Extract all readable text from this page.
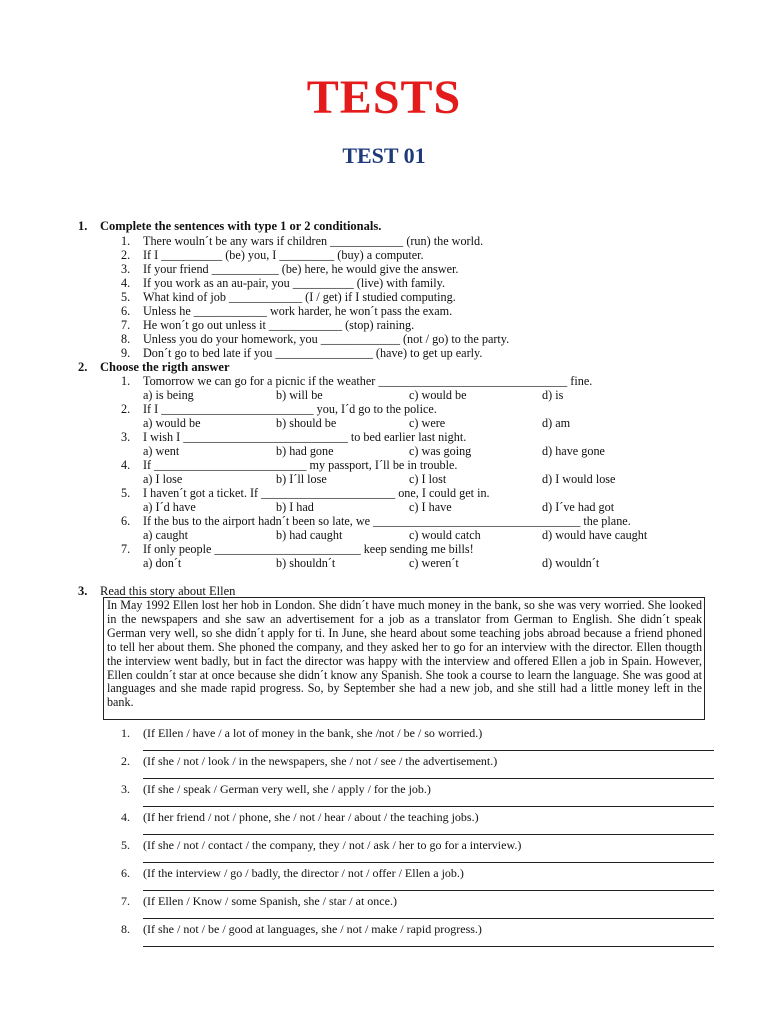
TESTS
TEST 01
1. Complete the sentences with type 1 or 2 conditionals.
1. There wouln´t be any wars if children ____________ (run) the world.
2. If I __________ (be) you, I _________ (buy) a computer.
3. If your friend ___________ (be) here, he would give the answer.
4. If you work as an au-pair, you __________ (live) with family.
5. What kind of job ____________ (I / get) if I studied computing.
6. Unless he ____________ work harder, he won´t pass the exam.
7. He won´t go out unless it ____________ (stop) raining.
8. Unless you do your homework, you _____________ (not / go) to the party.
9. Don´t go to bed late if you ________________ (have) to get up early.
2. Choose the rigth answer
1. Tomorrow we can go for a picnic if the weather _______________________________ fine.
a) is being	b) will be	c) would be	d) is
2. If I _________________________ you, I´d go to the police.
a) would be	b) should be	c) were	d) am
3. I wish I ___________________________ to bed earlier last night.
a) went	b) had gone	c) was going	d) have gone
4. If _________________________ my passport, I´ll be in trouble.
a) I lose	b) I´ll lose	c) I lost	d) I would lose
5. I haven´t got a ticket. If ______________________ one, I could get in.
a) I´d have	b) I had	c) I have	d) I´ve had got
6. If the bus to the airport hadn´t been so late, we __________________________________ the plane.
a) caught	b) had caught	c) would catch	d) would have caught
7. If only people ________________________ keep sending me bills!
a) don´t	b) shouldn´t	c) weren´t	d) wouldn´t
3. Read this story about Ellen
In May 1992 Ellen lost her hob in London. She didn´t have much money in the bank, so she was very worried. She looked in the newspapers and she saw an advertisement for a job as a translator from German to English. She didn´t speak German very well, so she didn´t apply for ti. In June, she heard about some teaching jobs abroad because a friend phoned to tell her about them. She phoned the company, and they asked her to go for an interview with the director. Ellen thougth the interview went badly, but in fact the director was happy with the interview and offered Ellen a job in Spain. However, Ellen couldn´t star at once because she didn´t know any Spanish. She took a course to learn the language. She was good at languages and she made rapid progress. So, by September she had a new job, and she still had a little money left in the bank.
1. (If Ellen / have / a lot of money in the bank, she /not / be / so worried.)
2. (If she / not / look / in the newspapers, she / not / see / the advertisement.)
3. (If she / speak / German very well, she / apply / for the job.)
4. (If her friend / not / phone, she / not / hear / about / the teaching jobs.)
5. (If she / not / contact / the company, they / not / ask / her to go for a interview.)
6. (If the interview / go / badly, the director / not / offer / Ellen a job.)
7. (If Ellen / Know / some Spanish, she / star / at once.)
8. (If she / not / be / good at languages, she / not / make / rapid progress.)
